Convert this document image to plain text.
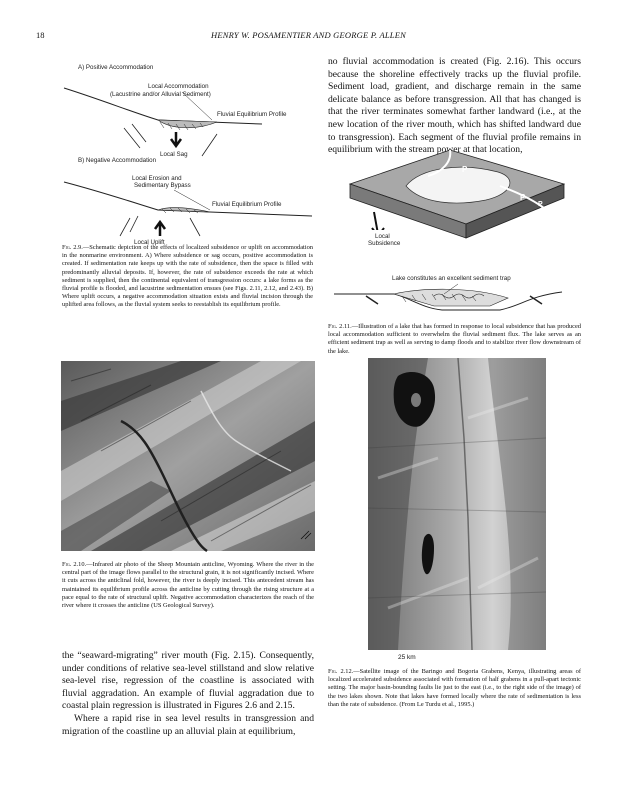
18	HENRY W. POSAMENTIER AND GEORGE P. ALLEN
A) Positive Accommodation
Local Accommodation
(Lacustrine and/or Alluvial Sediment)
Fluvial Equilibrium Profile
Local Sag
B) Negative Accommodation
Local Erosion and
Sedimentary Bypass
Fluvial Equilibrium Profile
Local Uplift

Fig. 2.9.—Schematic depiction of the effects of localized subsidence or uplift on accommodation in the nonmarine environment. A) Where subsidence or sag occurs, positive accommodation is created. If sedimentation rate keeps up with the rate of subsidence, then the space is filled with predominantly alluvial deposits. If, however, the rate of subsidence exceeds the rate at which sediment is supplied, then the continental equivalent of transgression occurs: a lake forms as the fluvial profile is flooded, and lacustrine sedimentation ensues (see Figs. 2.11, 2.12, and 2.43). B) Where uplift occurs, a negative accommodation situation exists and fluvial incision through the uplifted area follows, as the fluvial system seeks to reestablish its equilibrium profile.

no fluvial accommodation is created (Fig. 2.16). This occurs because the shoreline effectively tracks up the fluvial profile. Sediment load, gradient, and discharge remain in the same delicate balance as before transgression. All that has changed is that the river terminates somewhat farther landward (i.e., at the new location of the river mouth, which has shifted landward due to transgression). Each segment of the fluvial profile remains in equilibrium with the stream power at that location,

P
P
P
Local
Subsidence
Lake constitutes an excellent sediment trap

Fig. 2.11.—Illustration of a lake that has formed in response to local subsidence that has produced local accommodation sufficient to overwhelm the fluvial sediment flux. The lake serves as an efficient sediment trap as well as serving to damp floods and to stabilize river flow downstream of the lake.

Fig. 2.10.—Infrared air photo of the Sheep Mountain anticline, Wyoming. Where the river in the central part of the image flows parallel to the structural grain, it is not significantly incised. Where it cuts across the anticlinal fold, however, the river is deeply incised. This antecedent stream has maintained its equilibrium profile across the anticline by cutting through the rising structure at a pace equal to the rate of structural uplift. Negative accommodation characterizes the reach of the river where it crosses the anticline (US Geological Survey).

25 km

the “seaward-migrating” river mouth (Fig. 2.15). Consequently, under conditions of relative sea-level stillstand and slow relative sea-level rise, regression of the coastline is associated with fluvial aggradation. An example of fluvial aggradation due to coastal plain regression is illustrated in Figures 2.6 and 2.15.

Where a rapid rise in sea level results in transgression and migration of the coastline up an alluvial plain at equilibrium,

Fig. 2.12.—Satellite image of the Baringo and Bogoria Grabens, Kenya, illustrating areas of localized accelerated subsidence associated with formation of half grabens in a pull-apart tectonic setting. The major basin-bounding faults lie just to the east (i.e., to the right side of the image) of the two lakes shown. Note that lakes have formed locally where the rate of sedimentation is less than the rate of subsidence. (From Le Turdu et al., 1995.)
